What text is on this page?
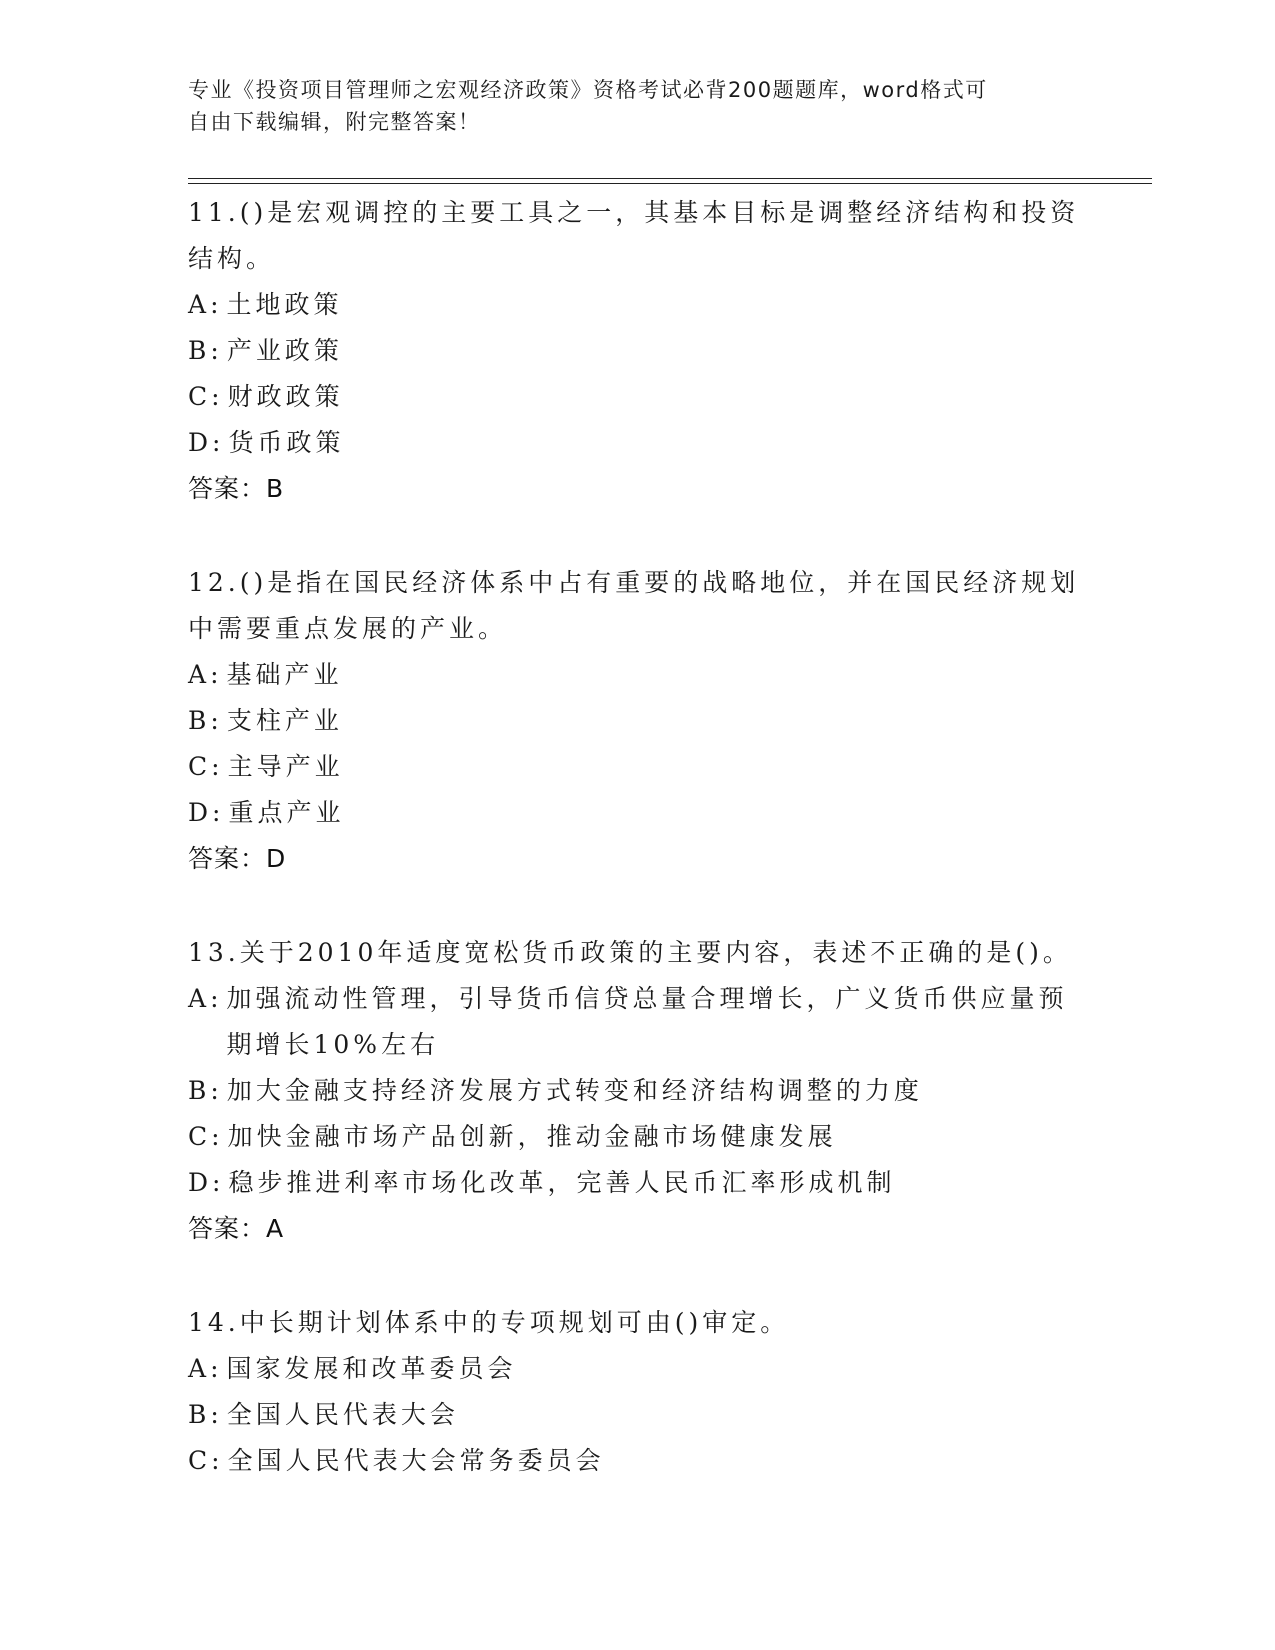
专业《投资项目管理师之宏观经济政策》资格考试必背200题题库，word格式可
自由下载编辑，附完整答案！

11.()是宏观调控的主要工具之一，其基本目标是调整经济结构和投资结构。

A : 土地政策
B : 产业政策
C : 财政政策
D : 货币政策
答案：B

12.()是指在国民经济体系中占有重要的战略地位，并在国民经济规划中需要重点发展的产业。

A : 基础产业
B : 支柱产业
C : 主导产业
D : 重点产业
答案：D

13.关于2010年适度宽松货币政策的主要内容，表述不正确的是()。

A : 加强流动性管理，引导货币信贷总量合理增长，广义货币供应量预期增长10%左右
B : 加大金融支持经济发展方式转变和经济结构调整的力度
C : 加快金融市场产品创新，推动金融市场健康发展
D : 稳步推进利率市场化改革，完善人民币汇率形成机制
答案：A

14.中长期计划体系中的专项规划可由()审定。

A : 国家发展和改革委员会
B : 全国人民代表大会
C : 全国人民代表大会常务委员会
